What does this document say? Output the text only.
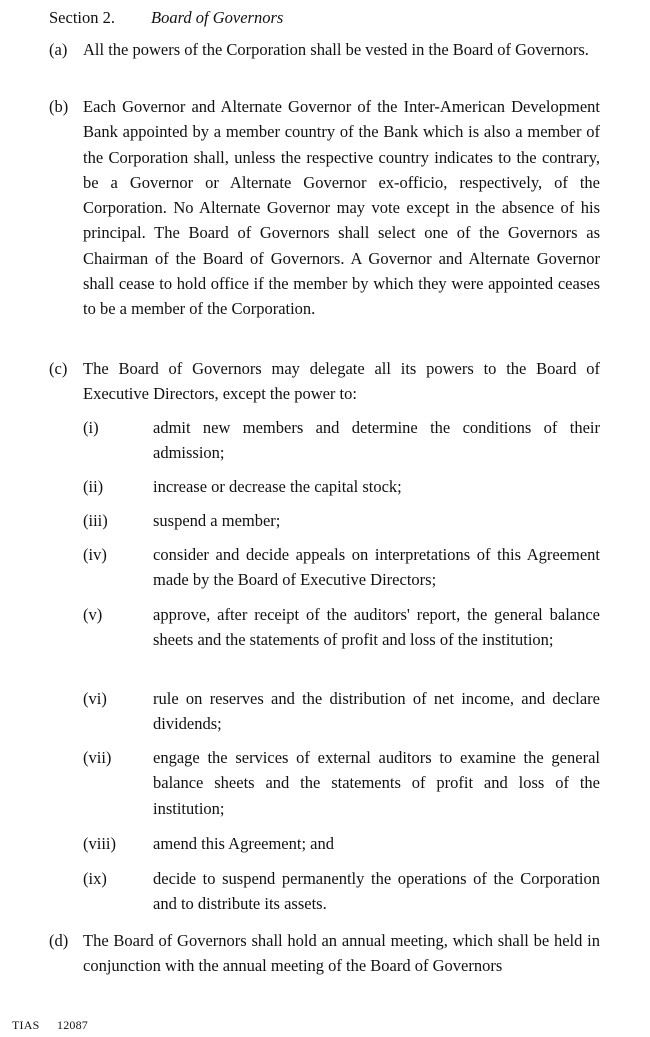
Section 2. Board of Governors
(a) All the powers of the Corporation shall be vested in the Board of Governors.
(b) Each Governor and Alternate Governor of the Inter-American Development Bank appointed by a member country of the Bank which is also a member of the Corporation shall, unless the respective country indicates to the contrary, be a Governor or Alternate Governor ex-officio, respectively, of the Corporation. No Alternate Governor may vote except in the absence of his principal. The Board of Governors shall select one of the Governors as Chairman of the Board of Governors. A Governor and Alternate Governor shall cease to hold office if the member by which they were appointed ceases to be a member of the Corporation.
(c) The Board of Governors may delegate all its powers to the Board of Executive Directors, except the power to:
(i)	admit new members and determine the conditions of their admission;
(ii)	increase or decrease the capital stock;
(iii)	suspend a member;
(iv)	consider and decide appeals on interpretations of this Agreement made by the Board of Executive Directors;
(v)	approve, after receipt of the auditors' report, the general balance sheets and the statements of profit and loss of the institution;
(vi)	rule on reserves and the distribution of net income, and declare dividends;
(vii)	engage the services of external auditors to examine the general balance sheets and the statements of profit and loss of the institution;
(viii) amend this Agreement; and
(ix)	decide to suspend permanently the operations of the Corporation and to distribute its assets.
(d) The Board of Governors shall hold an annual meeting, which shall be held in conjunction with the annual meeting of the Board of Governors
TIAS 12087
